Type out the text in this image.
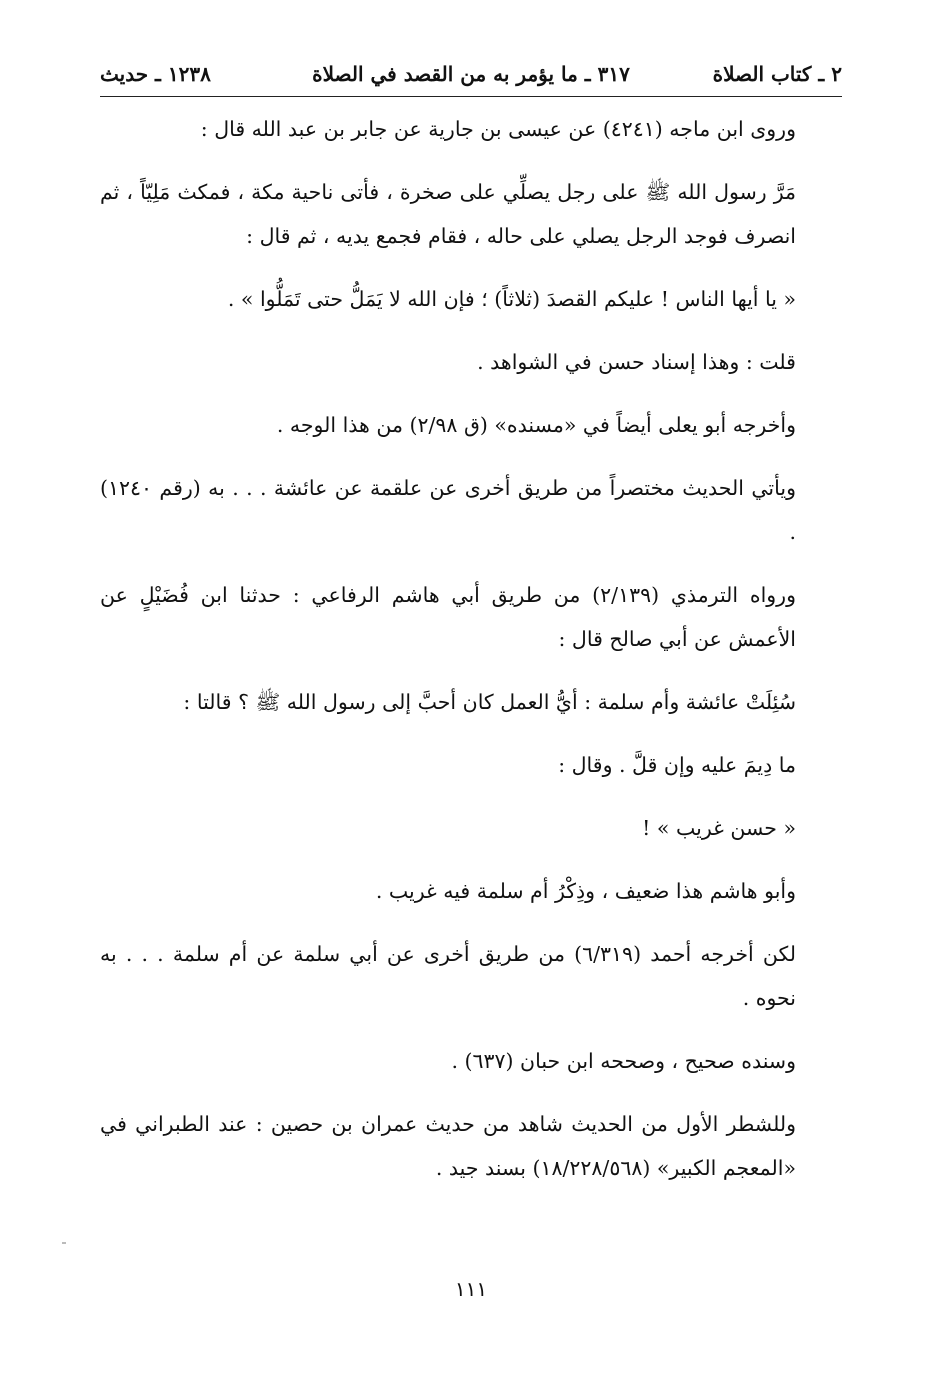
٢ ـ كتاب الصلاة
٣١٧ ـ ما يؤمر به من القصد في الصلاة
١٢٣٨ ـ حديث

وروى ابن ماجه (٤٢٤١) عن عيسى بن جارية عن جابر بن عبد الله قال :

مَرَّ رسول الله ﷺ على رجل يصلِّي على صخرة ، فأتى ناحية مكة ، فمكث مَلِيّاً ، ثم انصرف فوجد الرجل يصلي على حاله ، فقام فجمع يديه ، ثم قال :

« يا أيها الناس ! عليكم القصدَ (ثلاثاً) ؛ فإن الله لا يَمَلُّ حتى تَمَلُّوا » .

قلت : وهذا إسناد حسن في الشواهد .

وأخرجه أبو يعلى أيضاً في «مسنده» (ق ٢/٩٨) من هذا الوجه .

ويأتي الحديث مختصراً من طريق أخرى عن علقمة عن عائشة . . . به (رقم ١٢٤٠) .

ورواه الترمذي (٢/١٣٩) من طريق أبي هاشم الرفاعي : حدثنا ابن فُضَيْلٍ عن الأعمش عن أبي صالح قال :

سُئِلَتْ عائشة وأم سلمة : أيُّ العمل كان أحبَّ إلى رسول الله ﷺ ؟ قالتا :

ما دِيمَ عليه وإن قلَّ . وقال :

« حسن غريب » !

وأبو هاشم هذا ضعيف ، وذِكْرُ أم سلمة فيه غريب .

لكن أخرجه أحمد (٦/٣١٩) من طريق أخرى عن أبي سلمة عن أم سلمة . . . به نحوه .

وسنده صحيح ، وصححه ابن حبان (٦٣٧) .

وللشطر الأول من الحديث شاهد من حديث عمران بن حصين : عند الطبراني في «المعجم الكبير» (١٨/٢٢٨/٥٦٨) بسند جيد .

١١١
